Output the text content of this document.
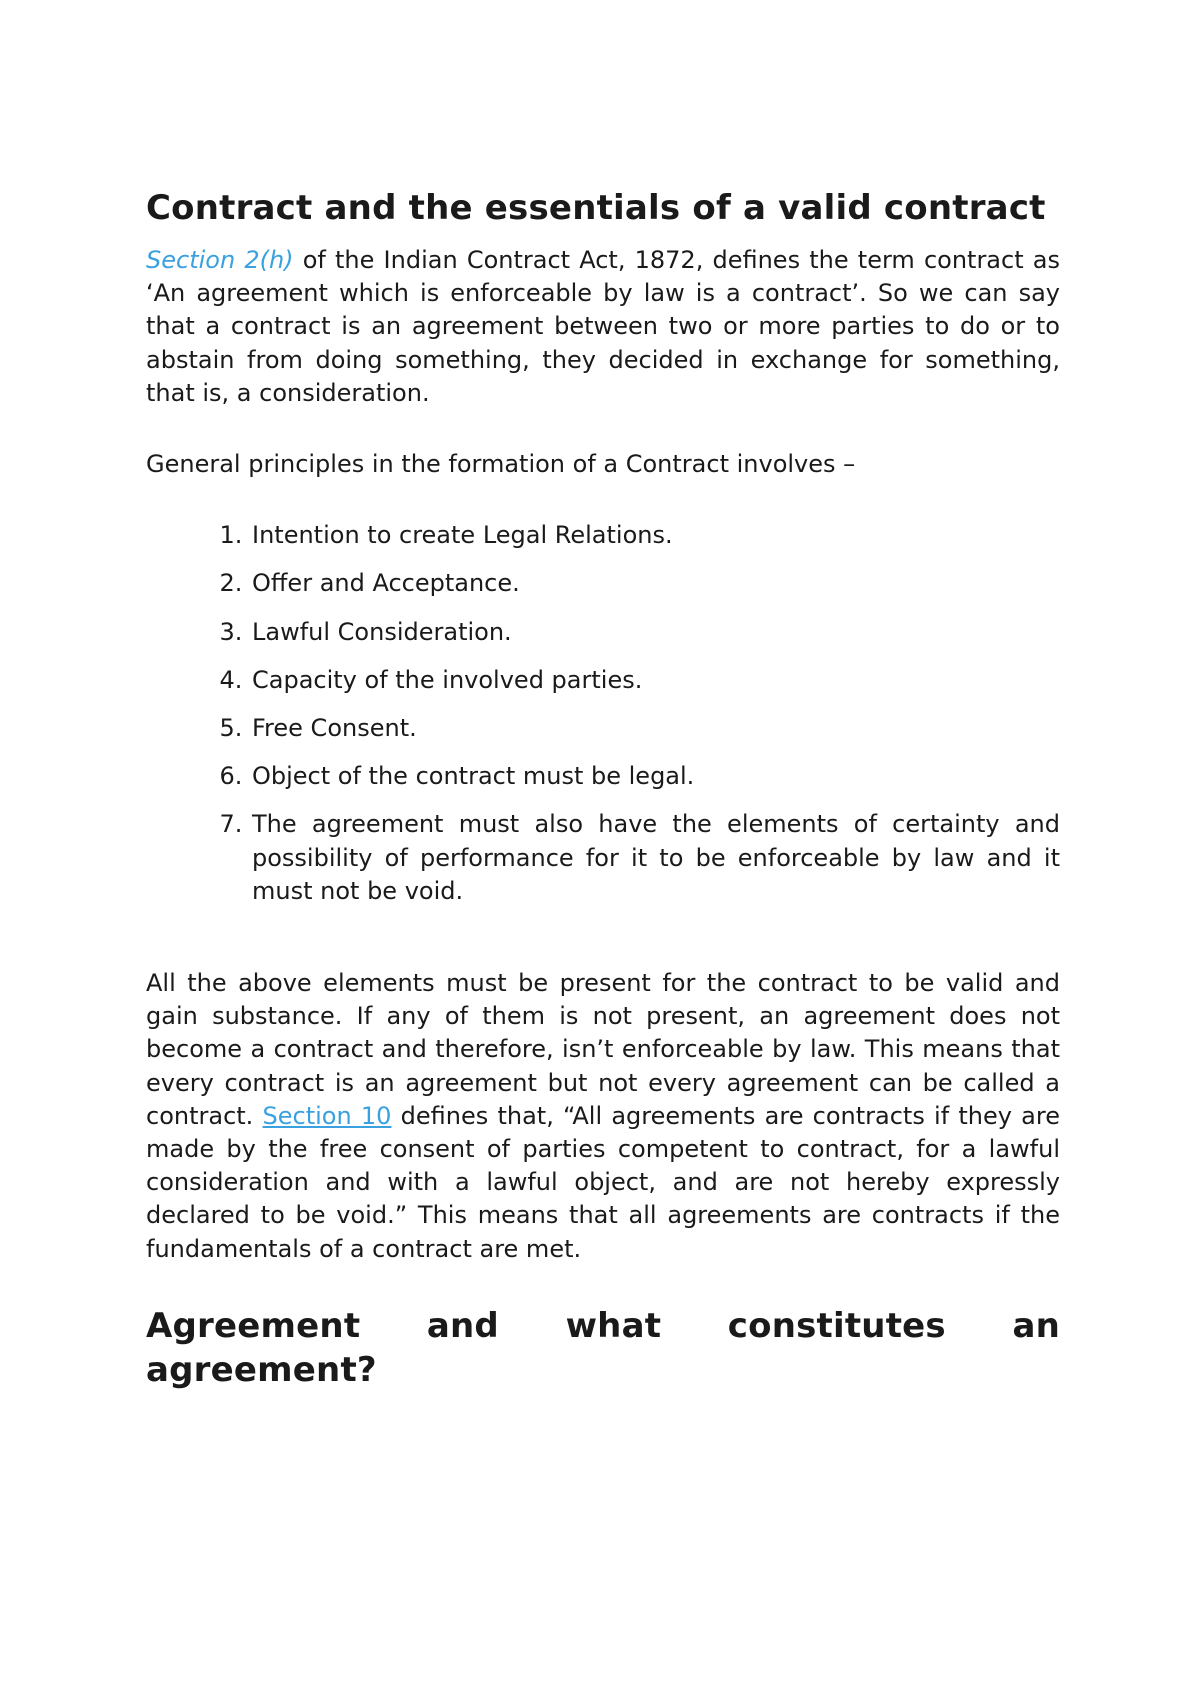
Contract and the essentials of a valid contract

Section 2(h) of the Indian Contract Act, 1872, defines the term contract as ‘An agreement which is enforceable by law is a contract’. So we can say that a contract is an agreement between two or more parties to do or to abstain from doing something, they decided in exchange for something, that is, a consideration.

General principles in the formation of a Contract involves –

1. Intention to create Legal Relations.
2. Offer and Acceptance.
3. Lawful Consideration.
4. Capacity of the involved parties.
5. Free Consent.
6. Object of the contract must be legal.
7. The agreement must also have the elements of certainty and possibility of performance for it to be enforceable by law and it must not be void.

All the above elements must be present for the contract to be valid and gain substance. If any of them is not present, an agreement does not become a contract and therefore, isn’t enforceable by law. This means that every contract is an agreement but not every agreement can be called a contract. Section 10 defines that, “All agreements are contracts if they are made by the free consent of parties competent to contract, for a lawful consideration and with a lawful object, and are not hereby expressly declared to be void.” This means that all agreements are contracts if the fundamentals of a contract are met.

Agreement and what constitutes an agreement?
